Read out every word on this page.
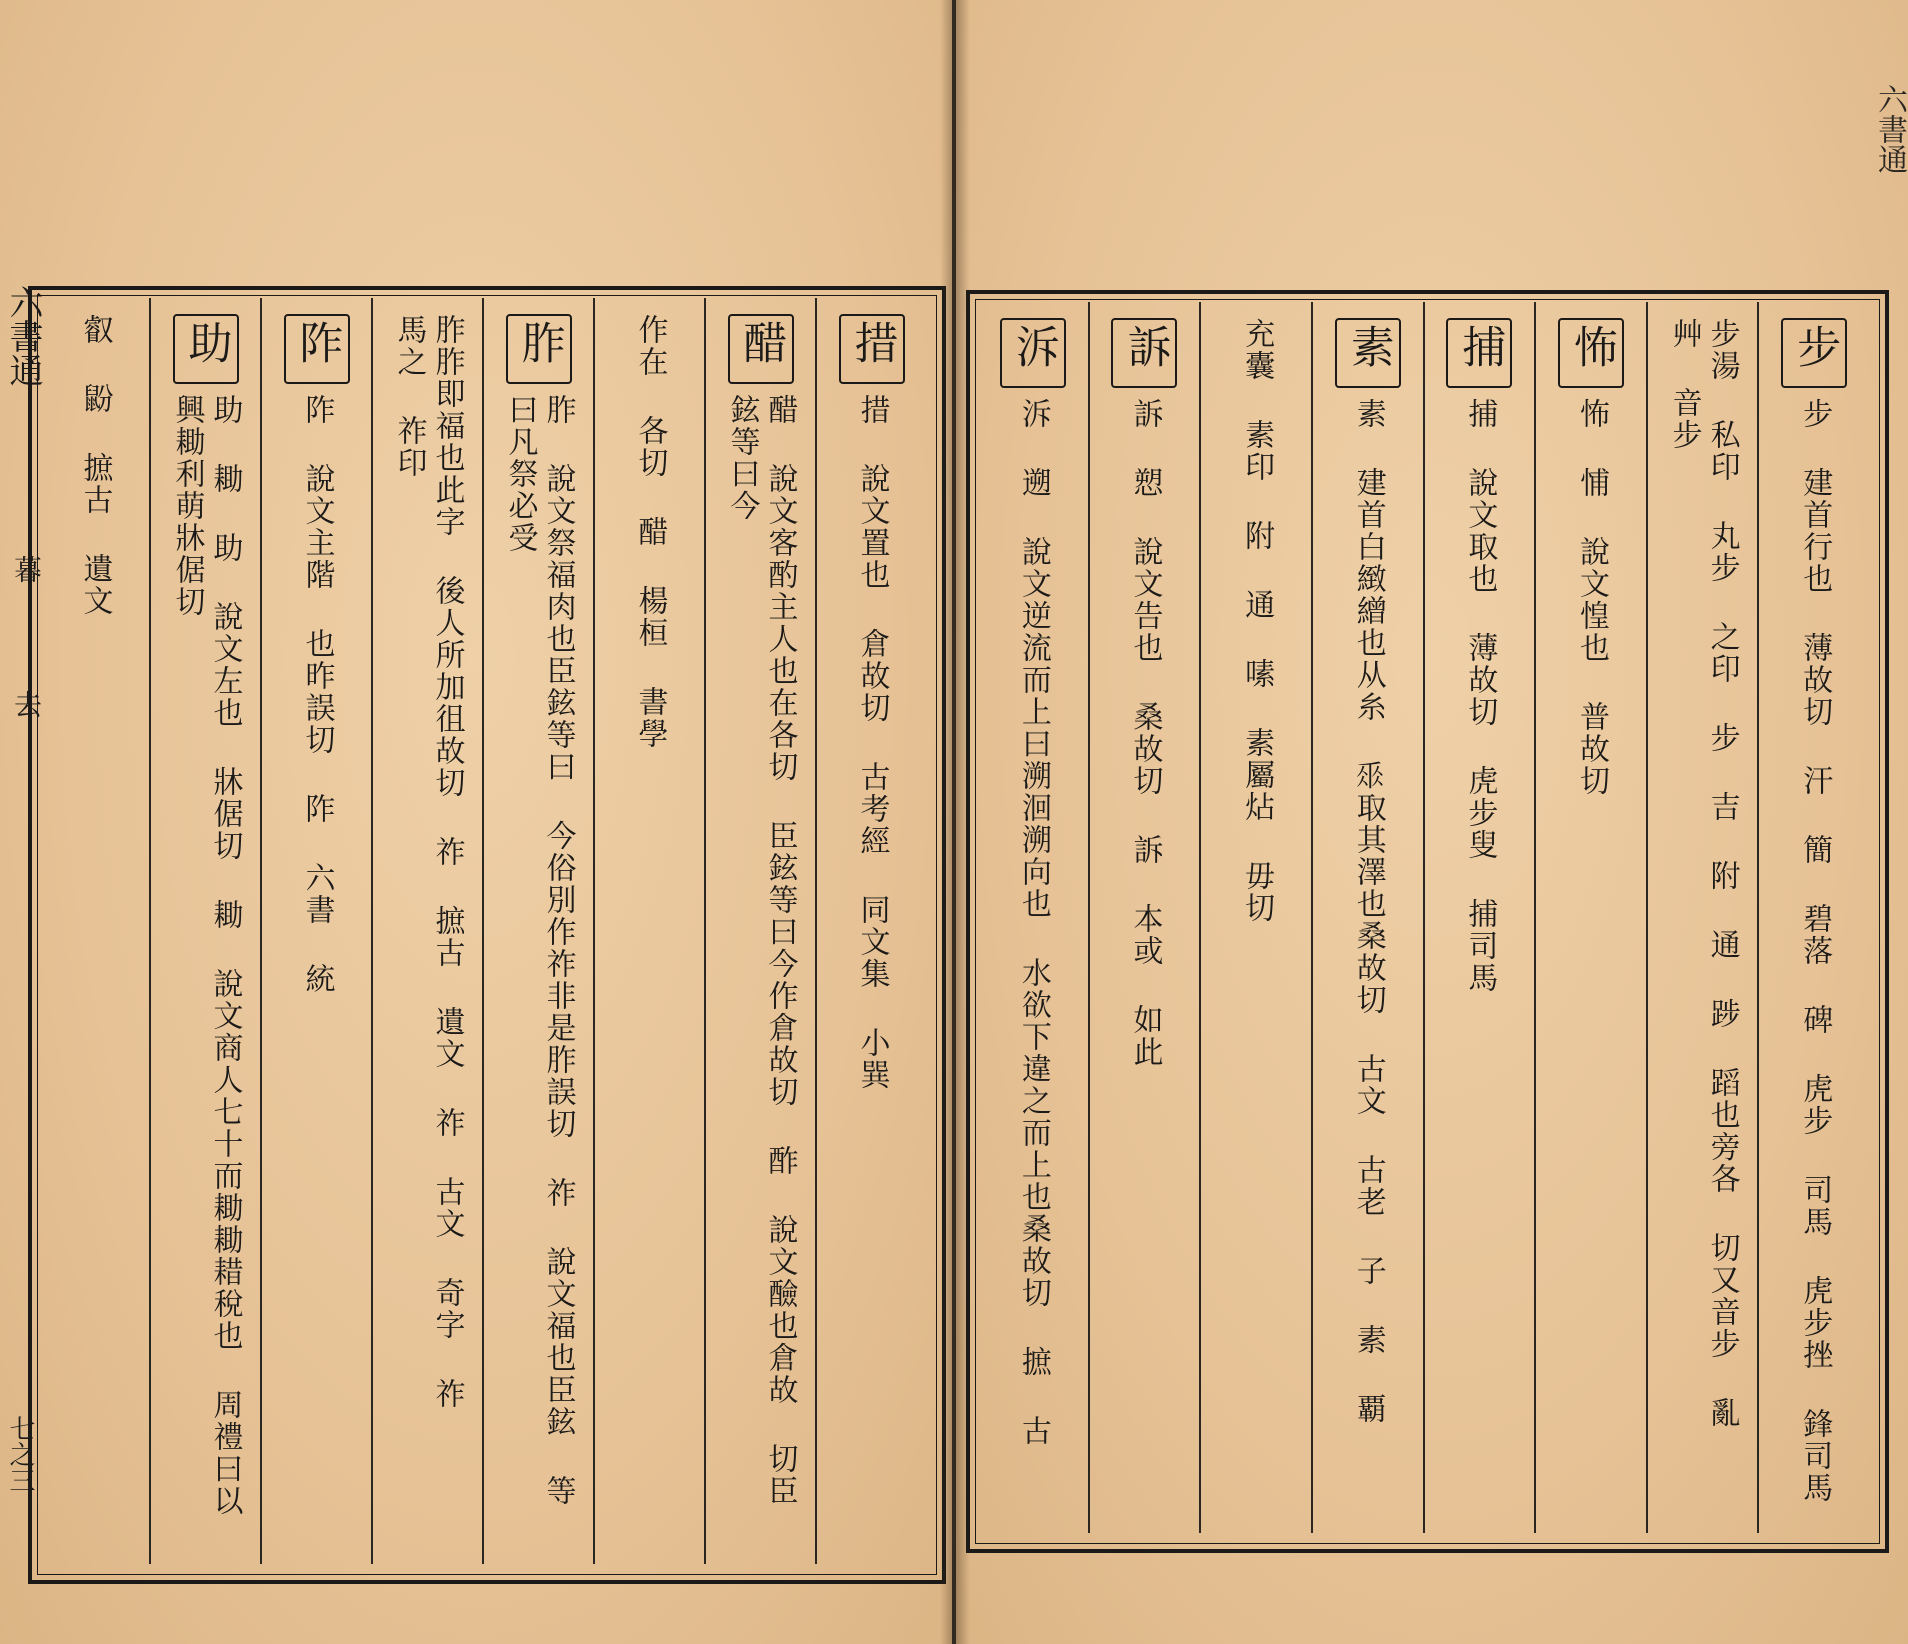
六書通
暮
去
七之三
措
措 說文置也 倉故切 古考經 同文集 小巽
醋
醋 說文客酌主人也在各切 臣鉉等曰今作倉故切 酢 說文醶也倉故 切臣鉉等曰今
作在 各切 醋 楊桓 書學
胙
胙 說文祭福肉也臣鉉等曰 今俗別作祚非是胙誤切 祚 說文福也臣鉉 等曰凡祭必受
胙胙即福也此字 後人所加徂故切 祚 摭古 遺文 祚 古文 奇字 祚 馬之 祚印
阼
阼 說文主階 也昨誤切 阼 六書 統
助
助 耡 助 說文左也 牀倨切 耡 說文商人七十而耡耡耤稅也 周禮曰以興耡利萌牀倨切
叡 鼢 摭古 遺文
六書通
步
步 建首行也 薄故切 汗 簡 碧落 碑 虎步 司馬 虎步挫 鋒司馬
步湯 私印 丸步 之印 步 吉 附 通 踄 蹈也旁各 切又音步 亂艸 音步
怖
怖 悑 說文惶也 普故切
捕
捕 說文取也 薄故切 虎步叟 捕司馬
素
素 建首白緻繒也从糸 𠂹取其澤也桑故切 古文 古老 子 素 覇
充囊 素印 附 通 嗉 素屬炶 毋切
訴
訴 愬 說文告也 桑故切 訴 本或 如此
泝
泝 遡 說文逆流而上曰溯洄溯向也 水欲下違之而上也桑故切 摭 古
